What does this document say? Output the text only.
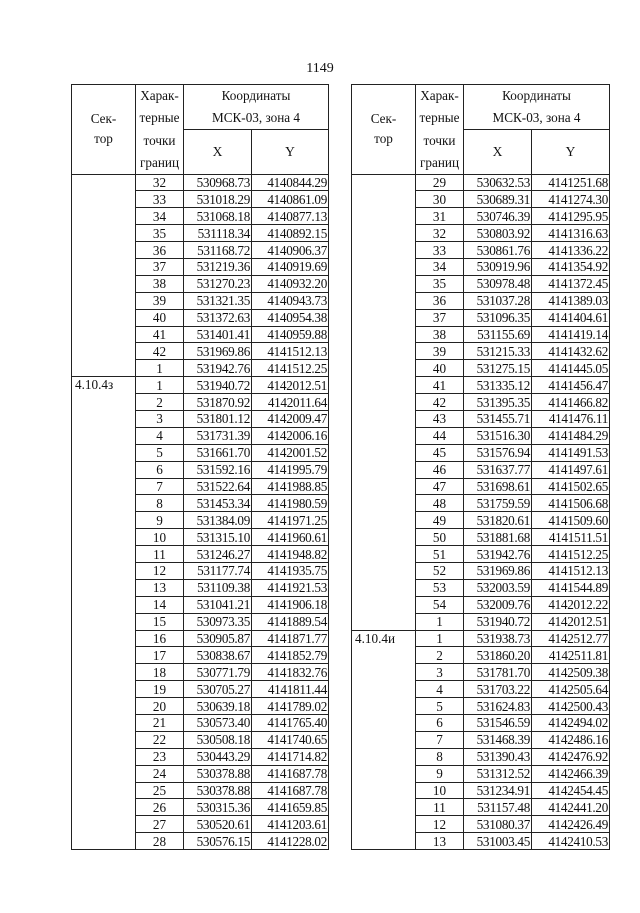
1149
Сек-
тор	Харак-
терные	Координаты
МСК-03, зона 4	
	точки
границ	X	Y
	32	530968.73	4140844.29
	33	531018.29	4140861.09
	34	531068.18	4140877.13
	35	531118.34	4140892.15
	36	531168.72	4140906.37
	37	531219.36	4140919.69
	38	531270.23	4140932.20
	39	531321.35	4140943.73
	40	531372.63	4140954.38
	41	531401.41	4140959.88
	42	531969.86	4141512.13
	1	531942.76	4141512.25
4.10.4з	1	531940.72	4142012.51
	2	531870.92	4142011.64
	3	531801.12	4142009.47
	4	531731.39	4142006.16
	5	531661.70	4142001.52
	6	531592.16	4141995.79
	7	531522.64	4141988.85
	8	531453.34	4141980.59
	9	531384.09	4141971.25
	10	531315.10	4141960.61
	11	531246.27	4141948.82
	12	531177.74	4141935.75
	13	531109.38	4141921.53
	14	531041.21	4141906.18
	15	530973.35	4141889.54
	16	530905.87	4141871.77
	17	530838.67	4141852.79
	18	530771.79	4141832.76
	19	530705.27	4141811.44
	20	530639.18	4141789.02
	21	530573.40	4141765.40
	22	530508.18	4141740.65
	23	530443.29	4141714.82
	24	530378.88	4141687.78
	25	530378.88	4141687.78
	26	530315.36	4141659.85
	27	530520.61	4141203.61
	28	530576.15	4141228.02
Сек-
тор	Харак-
терные	Координаты
МСК-03, зона 4	
	точки
границ	X	Y
	29	530632.53	4141251.68
	30	530689.31	4141274.30
	31	530746.39	4141295.95
	32	530803.92	4141316.63
	33	530861.76	4141336.22
	34	530919.96	4141354.92
	35	530978.48	4141372.45
	36	531037.28	4141389.03
	37	531096.35	4141404.61
	38	531155.69	4141419.14
	39	531215.33	4141432.62
	40	531275.15	4141445.05
	41	531335.12	4141456.47
	42	531395.35	4141466.82
	43	531455.71	4141476.11
	44	531516.30	4141484.29
	45	531576.94	4141491.53
	46	531637.77	4141497.61
	47	531698.61	4141502.65
	48	531759.59	4141506.68
	49	531820.61	4141509.60
	50	531881.68	4141511.51
	51	531942.76	4141512.25
	52	531969.86	4141512.13
	53	532003.59	4141544.89
	54	532009.76	4142012.22
	1	531940.72	4142012.51
4.10.4и	1	531938.73	4142512.77
	2	531860.20	4142511.81
	3	531781.70	4142509.38
	4	531703.22	4142505.64
	5	531624.83	4142500.43
	6	531546.59	4142494.02
	7	531468.39	4142486.16
	8	531390.43	4142476.92
	9	531312.52	4142466.39
	10	531234.91	4142454.45
	11	531157.48	4142441.20
	12	531080.37	4142426.49
	13	531003.45	4142410.53
